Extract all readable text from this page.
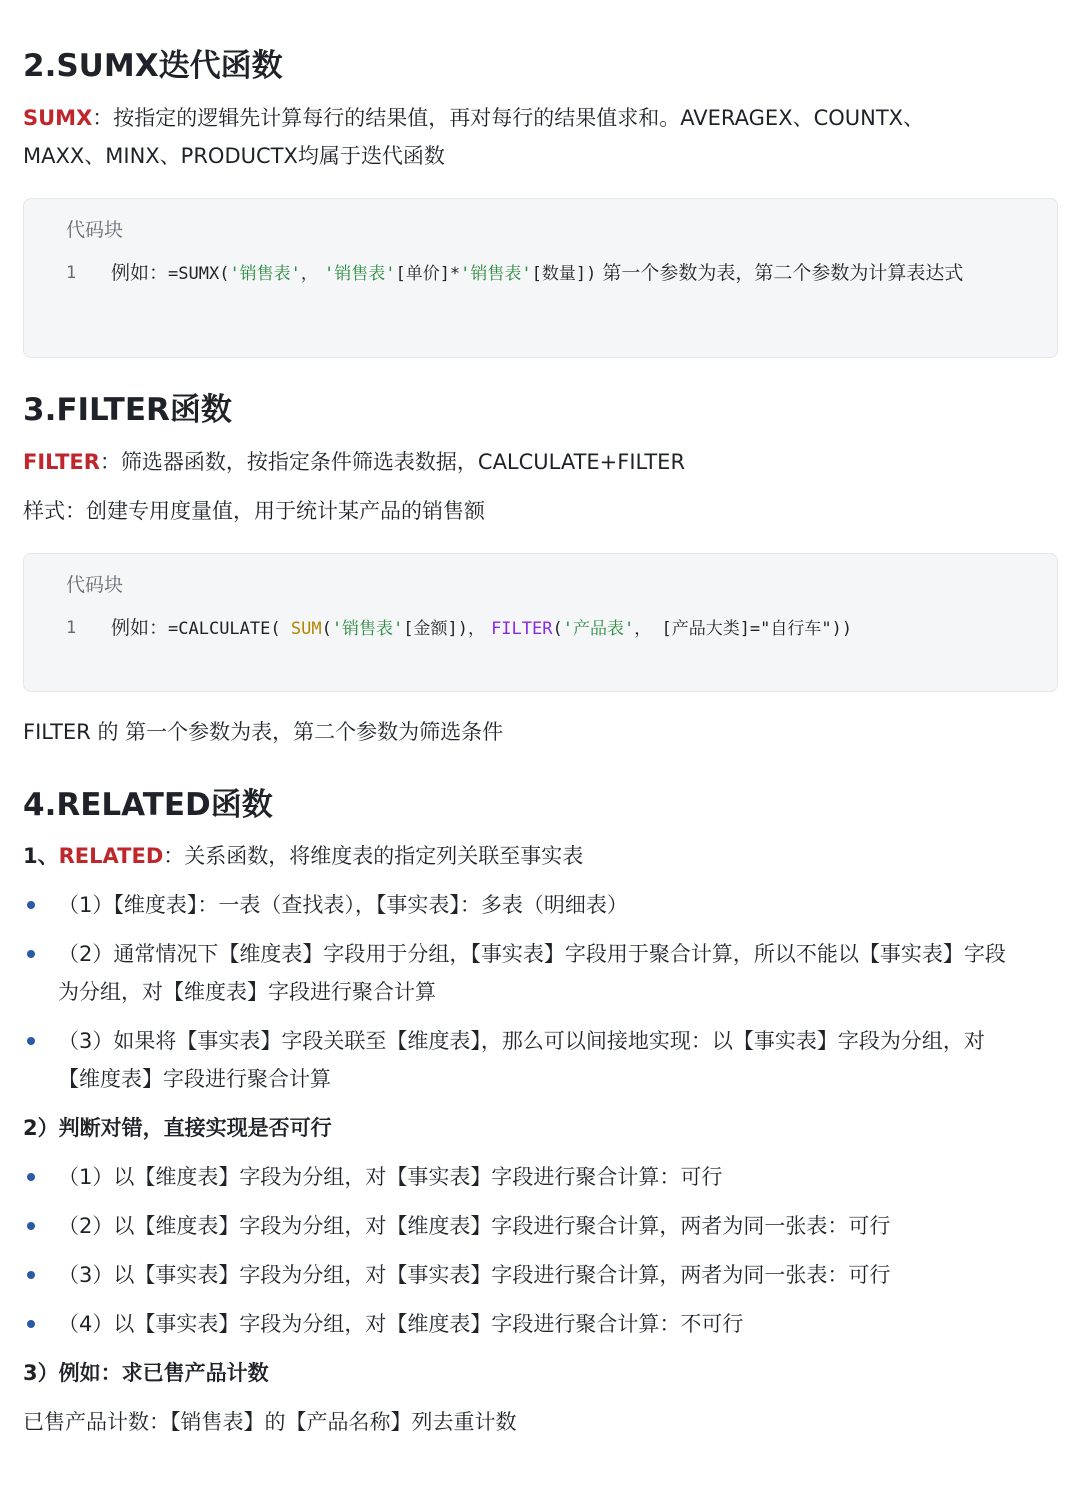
2.SUMX迭代函数
SUMX：按指定的逻辑先计算每行的结果值，再对每行的结果值求和。AVERAGEX、COUNTX、
MAXX、MINX、PRODUCTX均属于迭代函数
代码块
1 例如：=SUMX('销售表'， '销售表'[单价]*'销售表'[数量]) 第一个参数为表，第二个参数为计算表达式
3.FILTER函数
FILTER：筛选器函数，按指定条件筛选表数据，CALCULATE+FILTER
样式：创建专用度量值，用于统计某产品的销售额
代码块
1 例如：=CALCULATE( SUM('销售表'[金额])， FILTER('产品表'， [产品大类]="自行车"))
FILTER 的 第一个参数为表，第二个参数为筛选条件
4.RELATED函数
1、RELATED：关系函数，将维度表的指定列关联至事实表
（1）【维度表】：一表（查找表），【事实表】：多表（明细表）
（2）通常情况下【维度表】字段用于分组，【事实表】字段用于聚合计算，所以不能以【事实表】字段为分组，对【维度表】字段进行聚合计算
（3）如果将【事实表】字段关联至【维度表】，那么可以间接地实现：以【事实表】字段为分组，对【维度表】字段进行聚合计算
2）判断对错，直接实现是否可行
（1）以【维度表】字段为分组，对【事实表】字段进行聚合计算：可行
（2）以【维度表】字段为分组，对【维度表】字段进行聚合计算，两者为同一张表：可行
（3）以【事实表】字段为分组，对【事实表】字段进行聚合计算，两者为同一张表：可行
（4）以【事实表】字段为分组，对【维度表】字段进行聚合计算：不可行
3）例如：求已售产品计数
已售产品计数：【销售表】的【产品名称】列去重计数
